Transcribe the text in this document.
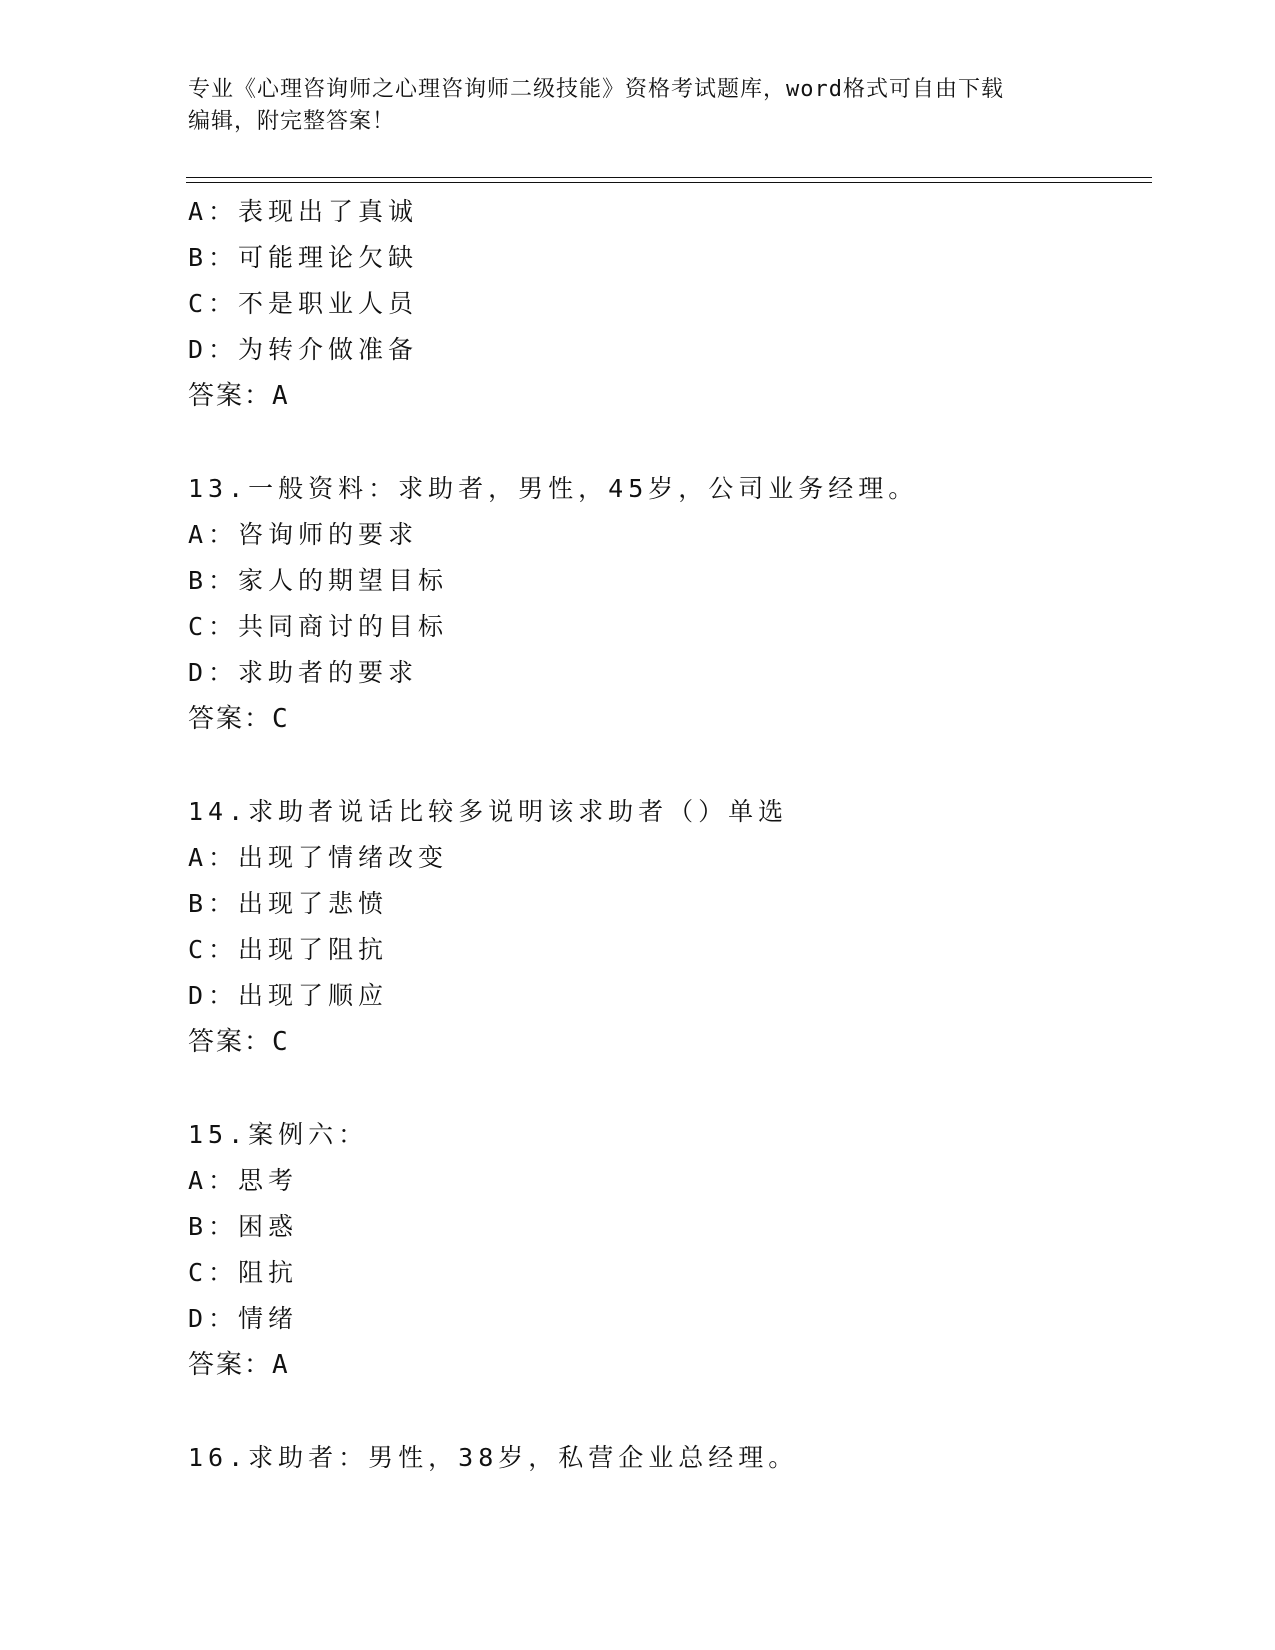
专业《心理咨询师之心理咨询师二级技能》资格考试题库，word格式可自由下载
编辑，附完整答案！
A：表现出了真诚
B：可能理论欠缺
C：不是职业人员
D：为转介做准备
答案：A
13.一般资料：求助者，男性，45岁，公司业务经理。
A：咨询师的要求
B：家人的期望目标
C：共同商讨的目标
D：求助者的要求
答案：C
14.求助者说话比较多说明该求助者（）单选
A：出现了情绪改变
B：出现了悲愤
C：出现了阻抗
D：出现了顺应
答案：C
15.案例六：
A：思考
B：困惑
C：阻抗
D：情绪
答案：A
16.求助者：男性，38岁，私营企业总经理。
